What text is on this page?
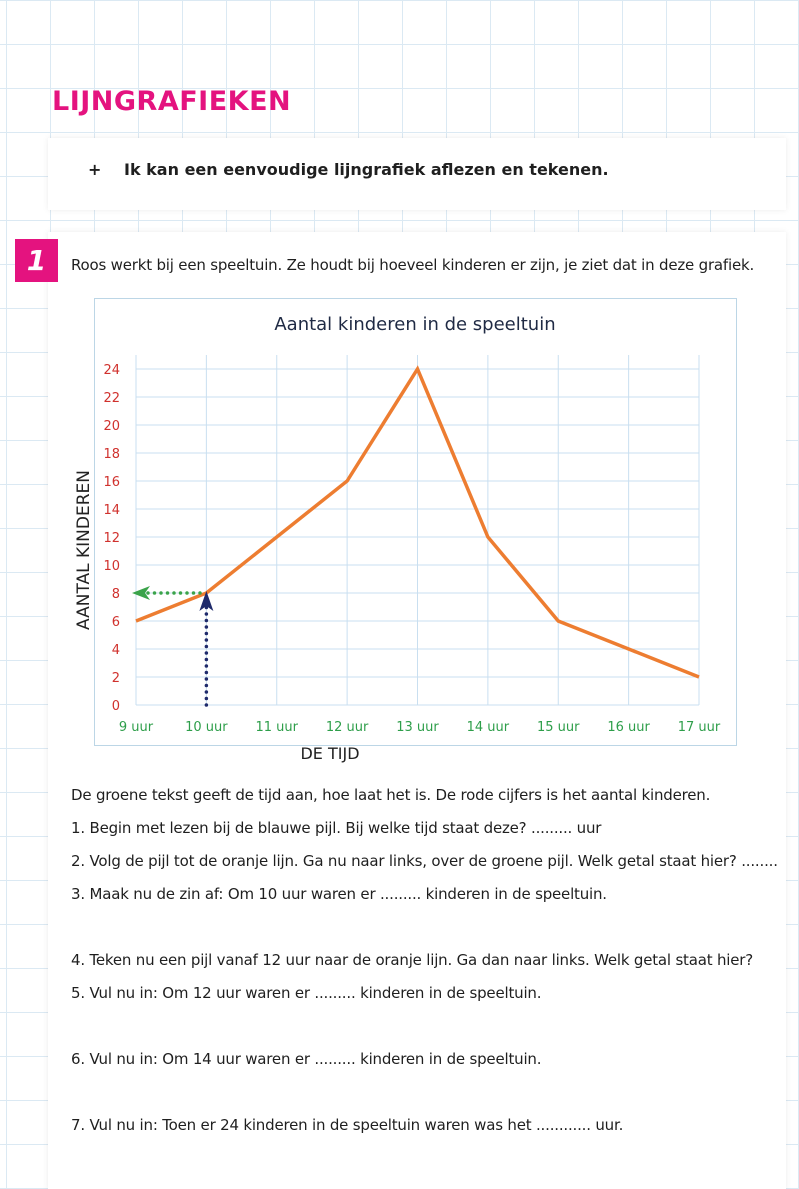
LIJNGRAFIEKEN
+ Ik kan een eenvoudige lijngrafiek aflezen en tekenen.
1	Roos werkt bij een speeltuin. Ze houdt bij hoeveel kinderen er zijn, je ziet dat in deze grafiek.
Aantal kinderen in de speeltuin
AANTAL KINDEREN
DE TIJD
0
2
4
6
8
10
12
14
16
18
20
22
24
9 uur 10 uur 11 uur 12 uur 13 uur 14 uur 15 uur 16 uur 17 uur
De groene tekst geeft de tijd aan, hoe laat het is. De rode cijfers is het aantal kinderen.
1. Begin met lezen bij de blauwe pijl. Bij welke tijd staat deze? ......... uur
2. Volg de pijl tot de oranje lijn. Ga nu naar links, over de groene pijl. Welk getal staat hier? ........
3. Maak nu de zin af: Om 10 uur waren er ......... kinderen in de speeltuin.
4. Teken nu een pijl vanaf 12 uur naar de oranje lijn. Ga dan naar links. Welk getal staat hier?
5. Vul nu in: Om 12 uur waren er ......... kinderen in de speeltuin.
6. Vul nu in: Om 14 uur waren er ......... kinderen in de speeltuin.
7. Vul nu in: Toen er 24 kinderen in de speeltuin waren was het ............ uur.
